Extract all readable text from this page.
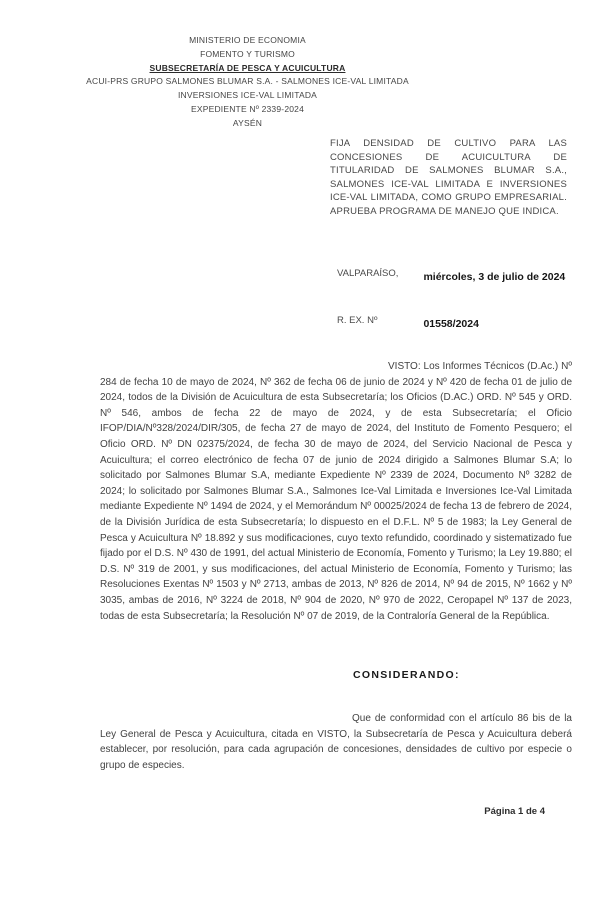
MINISTERIO DE ECONOMIA
FOMENTO Y TURISMO
SUBSECRETARÍA DE PESCA Y ACUICULTURA
ACUI-PRS GRUPO SALMONES BLUMAR S.A. - SALMONES ICE-VAL LIMITADA
INVERSIONES ICE-VAL LIMITADA
EXPEDIENTE Nº 2339-2024
AYSÉN
FIJA DENSIDAD DE CULTIVO PARA LAS CONCESIONES DE ACUICULTURA DE TITULARIDAD DE SALMONES BLUMAR S.A., SALMONES ICE-VAL LIMITADA E INVERSIONES ICE-VAL LIMITADA, COMO GRUPO EMPRESARIAL. APRUEBA PROGRAMA DE MANEJO QUE INDICA.
VALPARAÍSO, miércoles, 3 de julio de 2024
R. EX. Nº	01558/2024
VISTO: Los Informes Técnicos (D.Ac.) Nº 284 de fecha 10 de mayo de 2024, Nº 362 de fecha 06 de junio de 2024 y Nº 420 de fecha 01 de julio de 2024, todos de la División de Acuicultura de esta Subsecretaría; los Oficios (D.AC.) ORD. Nº 545 y ORD. Nº 546, ambos de fecha 22 de mayo de 2024, y de esta Subsecretaría; el Oficio IFOP/DIA/Nº328/2024/DIR/305, de fecha 27 de mayo de 2024, del Instituto de Fomento Pesquero; el Oficio ORD. Nº DN 02375/2024, de fecha 30 de mayo de 2024, del Servicio Nacional de Pesca y Acuicultura; el correo electrónico de fecha 07 de junio de 2024 dirigido a Salmones Blumar S.A; lo solicitado por Salmones Blumar S.A, mediante Expediente Nº 2339 de 2024, Documento Nº 3282 de 2024; lo solicitado por Salmones Blumar S.A., Salmones Ice-Val Limitada e Inversiones Ice-Val Limitada mediante Expediente Nº 1494 de 2024, y el Memorándum Nº 00025/2024 de fecha 13 de febrero de 2024, de la División Jurídica de esta Subsecretaría; lo dispuesto en el D.F.L. Nº 5 de 1983; la Ley General de Pesca y Acuicultura Nº 18.892 y sus modificaciones, cuyo texto refundido, coordinado y sistematizado fue fijado por el D.S. Nº 430 de 1991, del actual Ministerio de Economía, Fomento y Turismo; la Ley 19.880; el D.S. Nº 319 de 2001, y sus modificaciones, del actual Ministerio de Economía, Fomento y Turismo; las Resoluciones Exentas Nº 1503 y Nº 2713, ambas de 2013, Nº 826 de 2014, Nº 94 de 2015, Nº 1662 y Nº 3035, ambas de 2016, Nº 3224 de 2018, Nº 904 de 2020, Nº 970 de 2022, Ceropapel Nº 137 de 2023, todas de esta Subsecretaría; la Resolución Nº 07 de 2019, de la Contraloría General de la República.
CONSIDERANDO:
Que de conformidad con el artículo 86 bis de la Ley General de Pesca y Acuicultura, citada en VISTO, la Subsecretaría de Pesca y Acuicultura deberá establecer, por resolución, para cada agrupación de concesiones, densidades de cultivo por especie o grupo de especies.
Página 1 de 4
